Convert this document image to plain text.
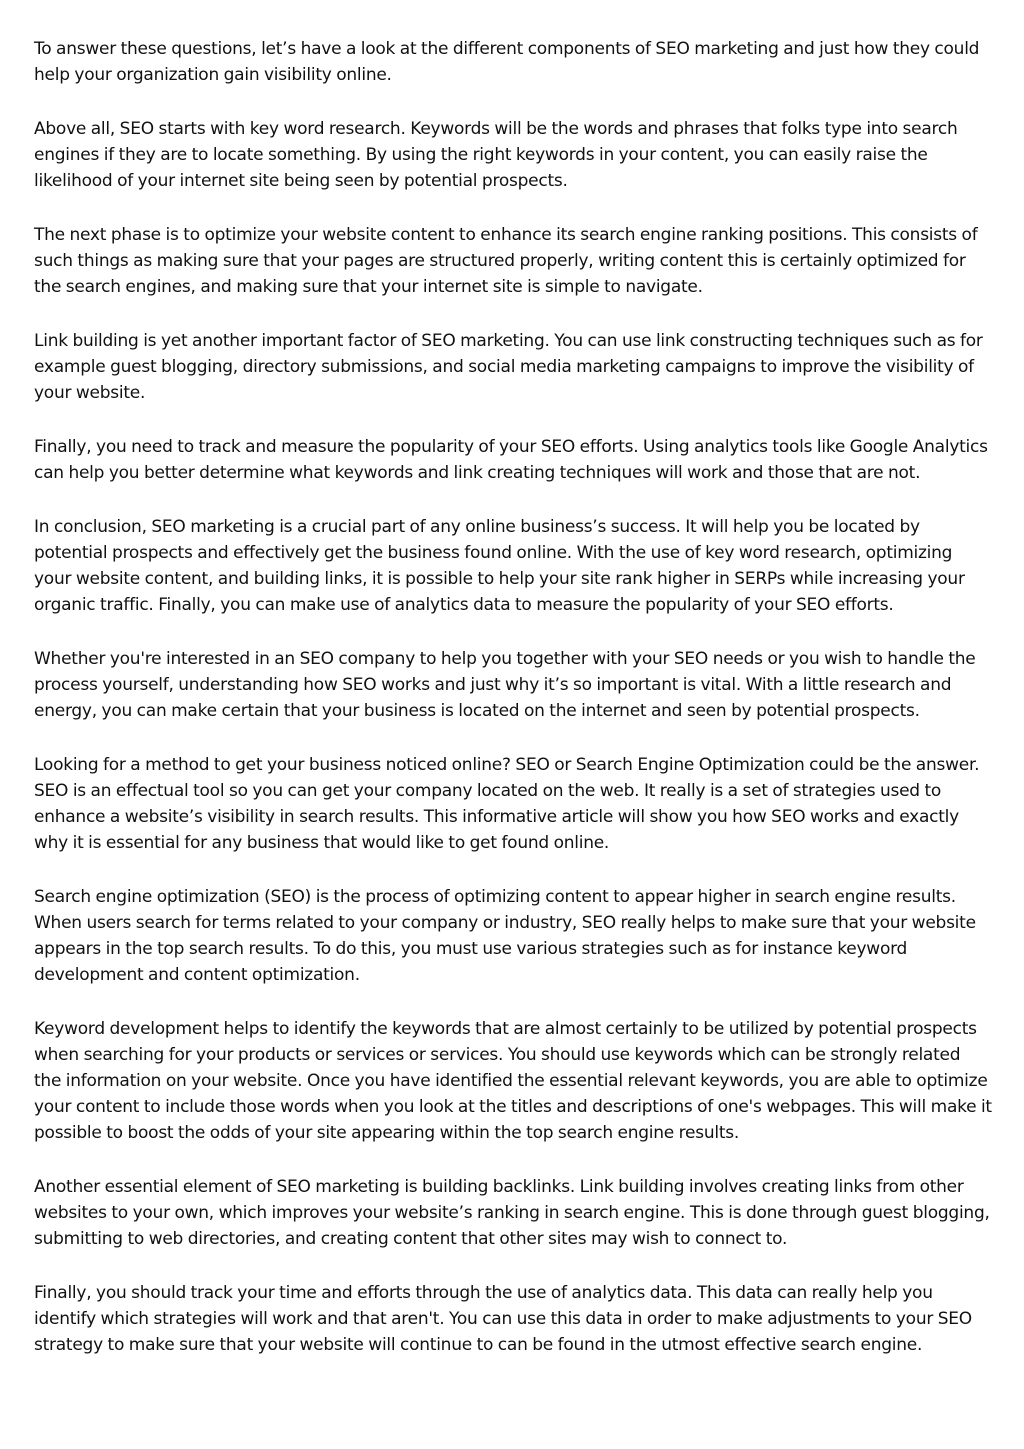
To answer these questions, let’s have a look at the different components of SEO marketing and just how they could help your organization gain visibility online.

Above all, SEO starts with key word research. Keywords will be the words and phrases that folks type into search engines if they are to locate something. By using the right keywords in your content, you can easily raise the likelihood of your internet site being seen by potential prospects.

The next phase is to optimize your website content to enhance its search engine ranking positions. This consists of such things as making sure that your pages are structured properly, writing content this is certainly optimized for the search engines, and making sure that your internet site is simple to navigate.

Link building is yet another important factor of SEO marketing. You can use link constructing techniques such as for example guest blogging, directory submissions, and social media marketing campaigns to improve the visibility of your website.

Finally, you need to track and measure the popularity of your SEO efforts. Using analytics tools like Google Analytics can help you better determine what keywords and link creating techniques will work and those that are not.

In conclusion, SEO marketing is a crucial part of any online business’s success. It will help you be located by potential prospects and effectively get the business found online. With the use of key word research, optimizing your website content, and building links, it is possible to help your site rank higher in SERPs while increasing your organic traffic. Finally, you can make use of analytics data to measure the popularity of your SEO efforts.

Whether you're interested in an SEO company to help you together with your SEO needs or you wish to handle the process yourself, understanding how SEO works and just why it’s so important is vital. With a little research and energy, you can make certain that your business is located on the internet and seen by potential prospects.

Looking for a method to get your business noticed online? SEO or Search Engine Optimization could be the answer. SEO is an effectual tool so you can get your company located on the web. It really is a set of strategies used to enhance a website’s visibility in search results. This informative article will show you how SEO works and exactly why it is essential for any business that would like to get found online.

Search engine optimization (SEO) is the process of optimizing content to appear higher in search engine results. When users search for terms related to your company or industry, SEO really helps to make sure that your website appears in the top search results. To do this, you must use various strategies such as for instance keyword development and content optimization.

Keyword development helps to identify the keywords that are almost certainly to be utilized by potential prospects when searching for your products or services or services. You should use keywords which can be strongly related the information on your website. Once you have identified the essential relevant keywords, you are able to optimize your content to include those words when you look at the titles and descriptions of one's webpages. This will make it possible to boost the odds of your site appearing within the top search engine results.

Another essential element of SEO marketing is building backlinks. Link building involves creating links from other websites to your own, which improves your website’s ranking in search engine. This is done through guest blogging, submitting to web directories, and creating content that other sites may wish to connect to.

Finally, you should track your time and efforts through the use of analytics data. This data can really help you identify which strategies will work and that aren't. You can use this data in order to make adjustments to your SEO strategy to make sure that your website will continue to can be found in the utmost effective search engine.
